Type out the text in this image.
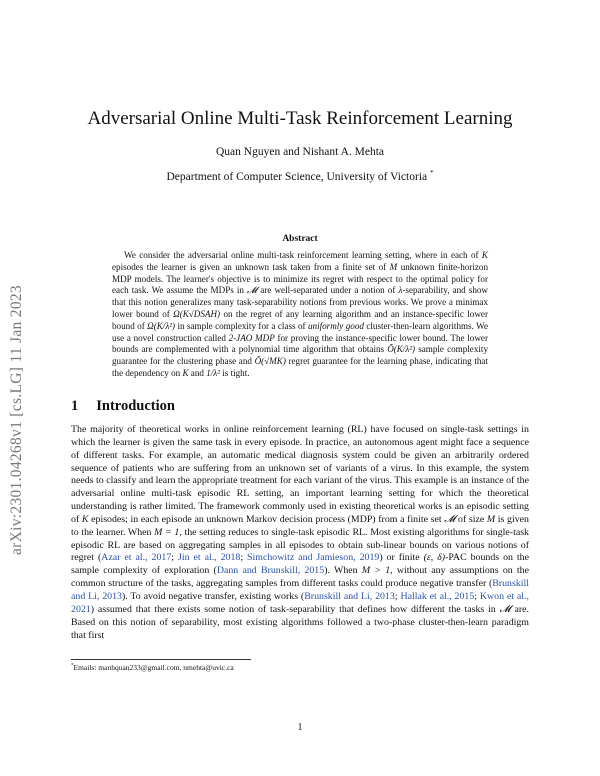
arXiv:2301.04268v1 [cs.LG] 11 Jan 2023
Adversarial Online Multi-Task Reinforcement Learning
Quan Nguyen and Nishant A. Mehta
Department of Computer Science, University of Victoria *
Abstract

We consider the adversarial online multi-task reinforcement learning setting, where in each of K episodes the learner is given an unknown task taken from a finite set of M unknown finite-horizon MDP models. The learner's objective is to minimize its regret with respect to the optimal policy for each task. We assume the MDPs in 𝓜 are well-separated under a notion of λ-separability, and show that this notion generalizes many task-separability notions from previous works. We prove a minimax lower bound of Ω(K√DSAH) on the regret of any learning algorithm and an instance-specific lower bound of Ω(K/λ²) in sample complexity for a class of uniformly good cluster-then-learn algorithms. We use a novel construction called 2-JAO MDP for proving the instance-specific lower bound. The lower bounds are complemented with a polynomial time algorithm that obtains Õ(K/λ²) sample complexity guarantee for the clustering phase and Õ(√MK) regret guarantee for the learning phase, indicating that the dependency on K and 1/λ² is tight.

1 Introduction

The majority of theoretical works in online reinforcement learning (RL) have focused on single-task settings in which the learner is given the same task in every episode. In practice, an autonomous agent might face a sequence of different tasks. For example, an automatic medical diagnosis system could be given an arbitrarily ordered sequence of patients who are suffering from an unknown set of variants of a virus. In this example, the system needs to classify and learn the appropriate treatment for each variant of the virus. This example is an instance of the adversarial online multi-task episodic RL setting, an important learning setting for which the theoretical understanding is rather limited. The framework commonly used in existing theoretical works is an episodic setting of K episodes; in each episode an unknown Markov decision process (MDP) from a finite set 𝓜 of size M is given to the learner. When M = 1, the setting reduces to single-task episodic RL. Most existing algorithms for single-task episodic RL are based on aggregating samples in all episodes to obtain sub-linear bounds on various notions of regret (Azar et al., 2017; Jin et al., 2018; Simchowitz and Jamieson, 2019) or finite (ε, δ)-PAC bounds on the sample complexity of exploration (Dann and Brunskill, 2015). When M > 1, without any assumptions on the common structure of the tasks, aggregating samples from different tasks could produce negative transfer (Brunskill and Li, 2013). To avoid negative transfer, existing works (Brunskill and Li, 2013; Hallak et al., 2015; Kwon et al., 2021) assumed that there exists some notion of task-separability that defines how different the tasks in 𝓜 are. Based on this notion of separability, most existing algorithms followed a two-phase cluster-then-learn paradigm that first

*Emails: manhquan233@gmail.com, nmehta@uvic.ca
1
